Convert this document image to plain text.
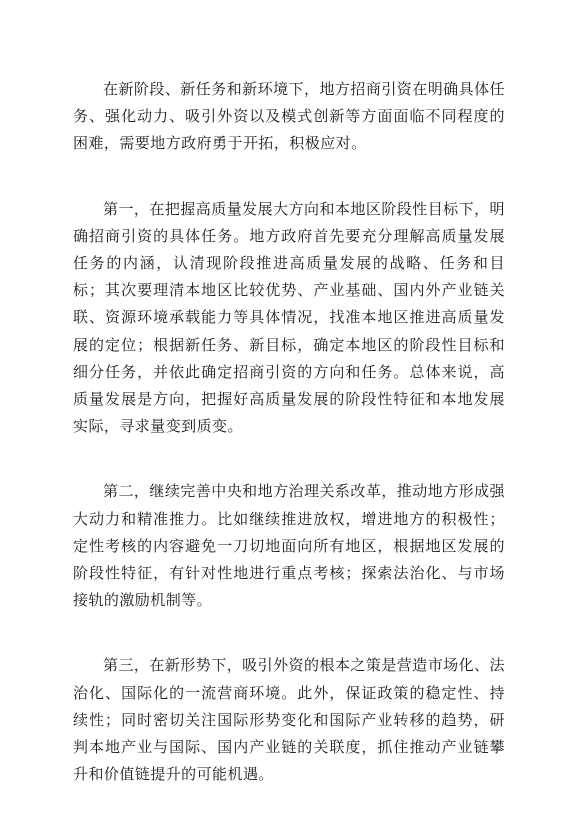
在新阶段、新任务和新环境下，地方招商引资在明确具体任务、强化动力、吸引外资以及模式创新等方面面临不同程度的困难，需要地方政府勇于开拓，积极应对。

第一，在把握高质量发展大方向和本地区阶段性目标下，明确招商引资的具体任务。地方政府首先要充分理解高质量发展任务的内涵，认清现阶段推进高质量发展的战略、任务和目标；其次要理清本地区比较优势、产业基础、国内外产业链关联、资源环境承载能力等具体情况，找准本地区推进高质量发展的定位；根据新任务、新目标，确定本地区的阶段性目标和细分任务，并依此确定招商引资的方向和任务。总体来说，高质量发展是方向，把握好高质量发展的阶段性特征和本地发展实际，寻求量变到质变。

第二，继续完善中央和地方治理关系改革，推动地方形成强大动力和精准推力。比如继续推进放权，增进地方的积极性；定性考核的内容避免一刀切地面向所有地区，根据地区发展的阶段性特征，有针对性地进行重点考核；探索法治化、与市场接轨的激励机制等。

第三，在新形势下，吸引外资的根本之策是营造市场化、法治化、国际化的一流营商环境。此外，保证政策的稳定性、持续性；同时密切关注国际形势变化和国际产业转移的趋势，研判本地产业与国际、国内产业链的关联度，抓住推动产业链攀升和价值链提升的可能机遇。
